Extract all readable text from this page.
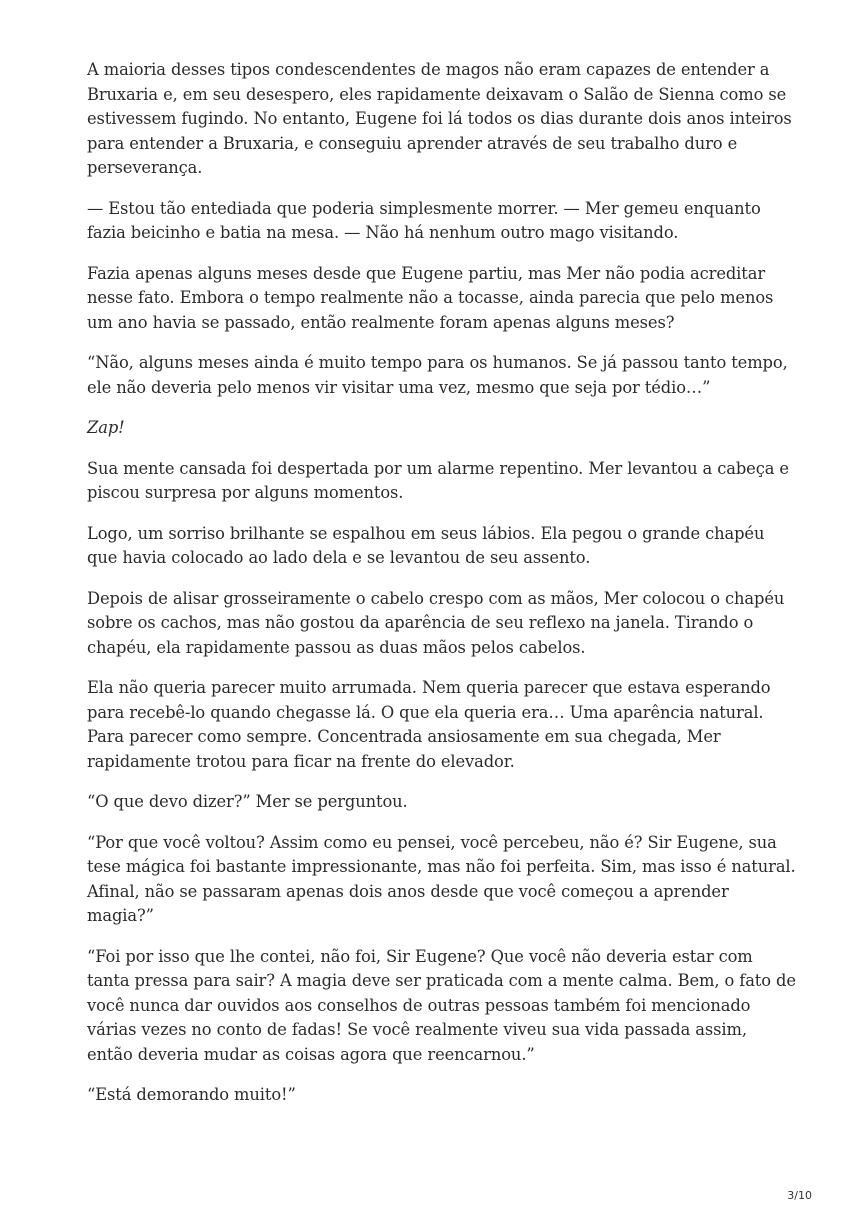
A maioria desses tipos condescendentes de magos não eram capazes de entender a Bruxaria e, em seu desespero, eles rapidamente deixavam o Salão de Sienna como se estivessem fugindo. No entanto, Eugene foi lá todos os dias durante dois anos inteiros para entender a Bruxaria, e conseguiu aprender através de seu trabalho duro e perseverança.

— Estou tão entediada que poderia simplesmente morrer. — Mer gemeu enquanto fazia beicinho e batia na mesa. — Não há nenhum outro mago visitando.

Fazia apenas alguns meses desde que Eugene partiu, mas Mer não podia acreditar nesse fato. Embora o tempo realmente não a tocasse, ainda parecia que pelo menos um ano havia se passado, então realmente foram apenas alguns meses?

“Não, alguns meses ainda é muito tempo para os humanos. Se já passou tanto tempo, ele não deveria pelo menos vir visitar uma vez, mesmo que seja por tédio…”

Zap!

Sua mente cansada foi despertada por um alarme repentino. Mer levantou a cabeça e piscou surpresa por alguns momentos.

Logo, um sorriso brilhante se espalhou em seus lábios. Ela pegou o grande chapéu que havia colocado ao lado dela e se levantou de seu assento.

Depois de alisar grosseiramente o cabelo crespo com as mãos, Mer colocou o chapéu sobre os cachos, mas não gostou da aparência de seu reflexo na janela. Tirando o chapéu, ela rapidamente passou as duas mãos pelos cabelos.

Ela não queria parecer muito arrumada. Nem queria parecer que estava esperando para recebê-lo quando chegasse lá. O que ela queria era… Uma aparência natural. Para parecer como sempre. Concentrada ansiosamente em sua chegada, Mer rapidamente trotou para ficar na frente do elevador.

“O que devo dizer?” Mer se perguntou.

“Por que você voltou? Assim como eu pensei, você percebeu, não é? Sir Eugene, sua tese mágica foi bastante impressionante, mas não foi perfeita. Sim, mas isso é natural. Afinal, não se passaram apenas dois anos desde que você começou a aprender magia?”

“Foi por isso que lhe contei, não foi, Sir Eugene? Que você não deveria estar com tanta pressa para sair? A magia deve ser praticada com a mente calma. Bem, o fato de você nunca dar ouvidos aos conselhos de outras pessoas também foi mencionado várias vezes no conto de fadas! Se você realmente viveu sua vida passada assim, então deveria mudar as coisas agora que reencarnou.”

“Está demorando muito!”

3/10
